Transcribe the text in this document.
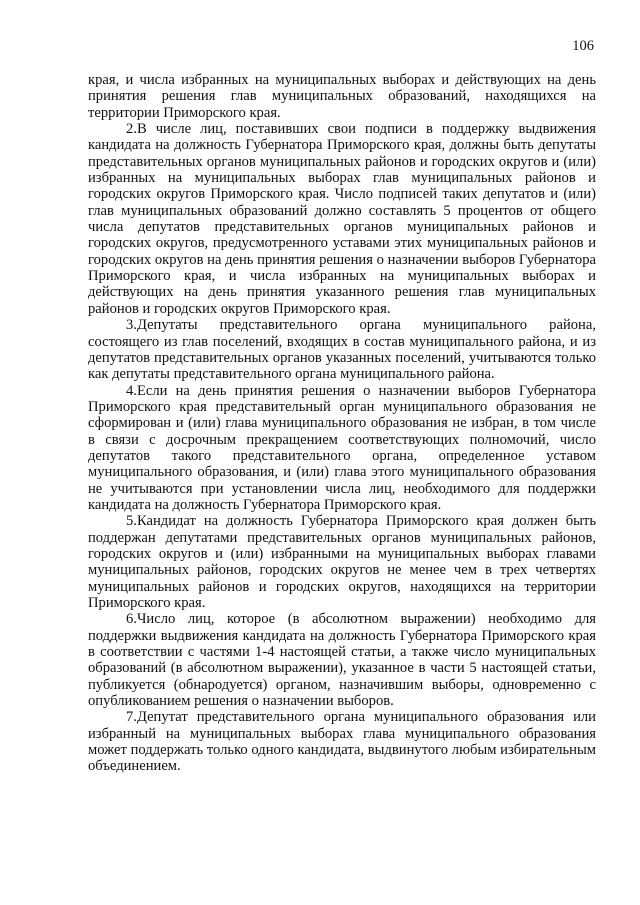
106

края, и числа избранных на муниципальных выборах и действующих на день принятия решения глав муниципальных образований, находящихся на территории Приморского края.

2.В числе лиц, поставивших свои подписи в поддержку выдвижения кандидата на должность Губернатора Приморского края, должны быть депутаты представительных органов муниципальных районов и городских округов и (или) избранных на муниципальных выборах глав муниципальных районов и городских округов Приморского края. Число подписей таких депутатов и (или) глав муниципальных образований должно составлять 5 процентов от общего числа депутатов представительных органов муниципальных районов и городских округов, предусмотренного уставами этих муниципальных районов и городских округов на день принятия решения о назначении выборов Губернатора Приморского края, и числа избранных на муниципальных выборах и действующих на день принятия указанного решения глав муниципальных районов и городских округов Приморского края.

3.Депутаты представительного органа муниципального района, состоящего из глав поселений, входящих в состав муниципального района, и из депутатов представительных органов указанных поселений, учитываются только как депутаты представительного органа муниципального района.

4.Если на день принятия решения о назначении выборов Губернатора Приморского края представительный орган муниципального образования не сформирован и (или) глава муниципального образования не избран, в том числе в связи с досрочным прекращением соответствующих полномочий, число депутатов такого представительного органа, определенное уставом муниципального образования, и (или) глава этого муниципального образования не учитываются при установлении числа лиц, необходимого для поддержки кандидата на должность Губернатора Приморского края.

5.Кандидат на должность Губернатора Приморского края должен быть поддержан депутатами представительных органов муниципальных районов, городских округов и (или) избранными на муниципальных выборах главами муниципальных районов, городских округов не менее чем в трех четвертях муниципальных районов и городских округов, находящихся на территории Приморского края.

6.Число лиц, которое (в абсолютном выражении) необходимо для поддержки выдвижения кандидата на должность Губернатора Приморского края в соответствии с частями 1-4 настоящей статьи, а также число муниципальных образований (в абсолютном выражении), указанное в части 5 настоящей статьи, публикуется (обнародуется) органом, назначившим выборы, одновременно с опубликованием решения о назначении выборов.

7.Депутат представительного органа муниципального образования или избранный на муниципальных выборах глава муниципального образования может поддержать только одного кандидата, выдвинутого любым избирательным объединением.
